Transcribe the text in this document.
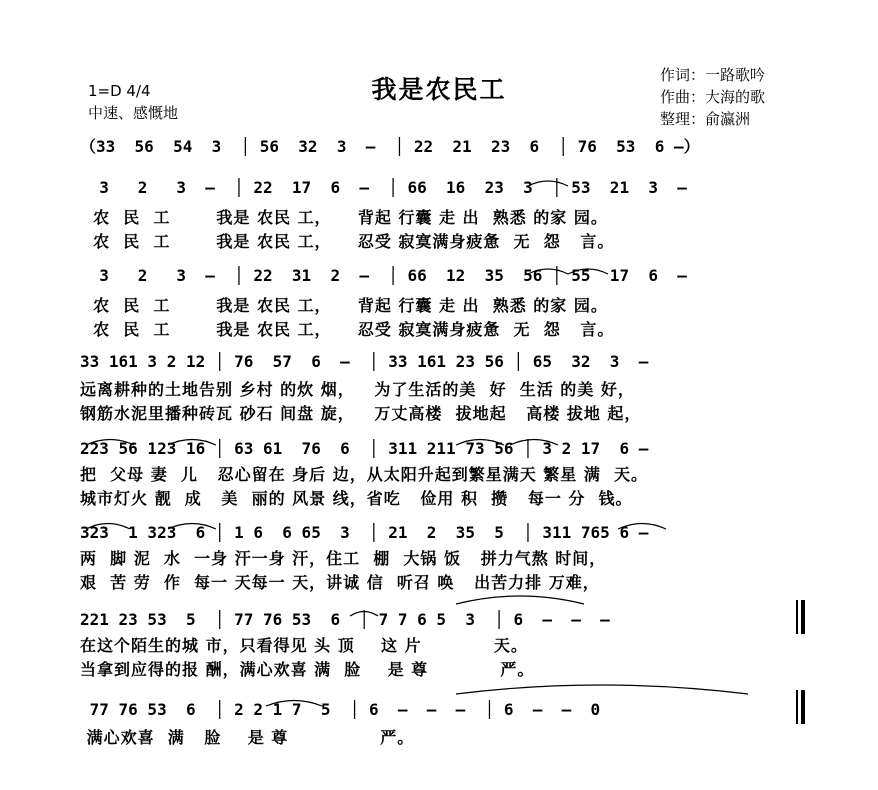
1=D 4/4
中速、感慨地
我是农民工	作词：一路歌吟
作曲：大海的歌
整理：俞瀛洲
（33  56  54  3  │ 56  32  3  —  │ 22  21  23  6  │ 76  53  6 —）
3   2   3  —  │ 22  17  6  —  │ 66  16  23  3  │ 53  21  3  —
农  民  工       我是 农民 工，    背起 行囊 走 出  熟悉 的家 园。
农  民  工       我是 农民 工，    忍受 寂寞满身疲惫  无  怨   言。
3   2   3  —  │ 22  31  2  —  │ 66  12  35  56 │ 55  17  6  —
农  民  工       我是 农民 工，    背起 行囊 走 出  熟悉 的家 园。
农  民  工       我是 农民 工，    忍受 寂寞满身疲惫  无  怨   言。
33 161 3 2 12 │ 76  57  6  —  │ 33 161 23 56 │ 65  32  3  —
远离耕种的土地告别 乡村 的炊 烟，   为了生活的美  好  生活 的美 好，
钢筋水泥里播种砖瓦 砂石 间盘 旋，   万丈高楼  拔地起   高楼 拔地 起，
223 56 123 16 │ 63 61  76  6  │ 311 211 73 56 │ 3 2 17  6 —
把  父母 妻  儿   忍心留在 身后 边，从太阳升起到繁星满天 繁星 满  天。
城市灯火 靓  成   美  丽的 风景 线，省吃   俭用 积  攒   每一 分  钱。
323  1 323  6 │ 1 6  6 65  3  │ 21  2  35  5  │ 311 765 6 —
两  脚 泥  水  一身 汗一身 汗，住工  棚  大锅 饭   拼力气熬 时间，
艰  苦 劳  作  每一 天每一 天，讲诚 信  听召 唤   出苦力排 万难，
221 23 53  5  │ 77 76 53  6  │ 7 7 6 5  3  │ 6  —  —  —
在这个陌生的城 市，只看得见 头 顶    这 片           天。
当拿到应得的报 酬，满心欢喜 满  脸    是 尊           严。
77 76 53  6  │ 2 2 1 7  5  │ 6  —  —  —  │ 6  —  —  0
满心欢喜  满   脸    是 尊              严。
